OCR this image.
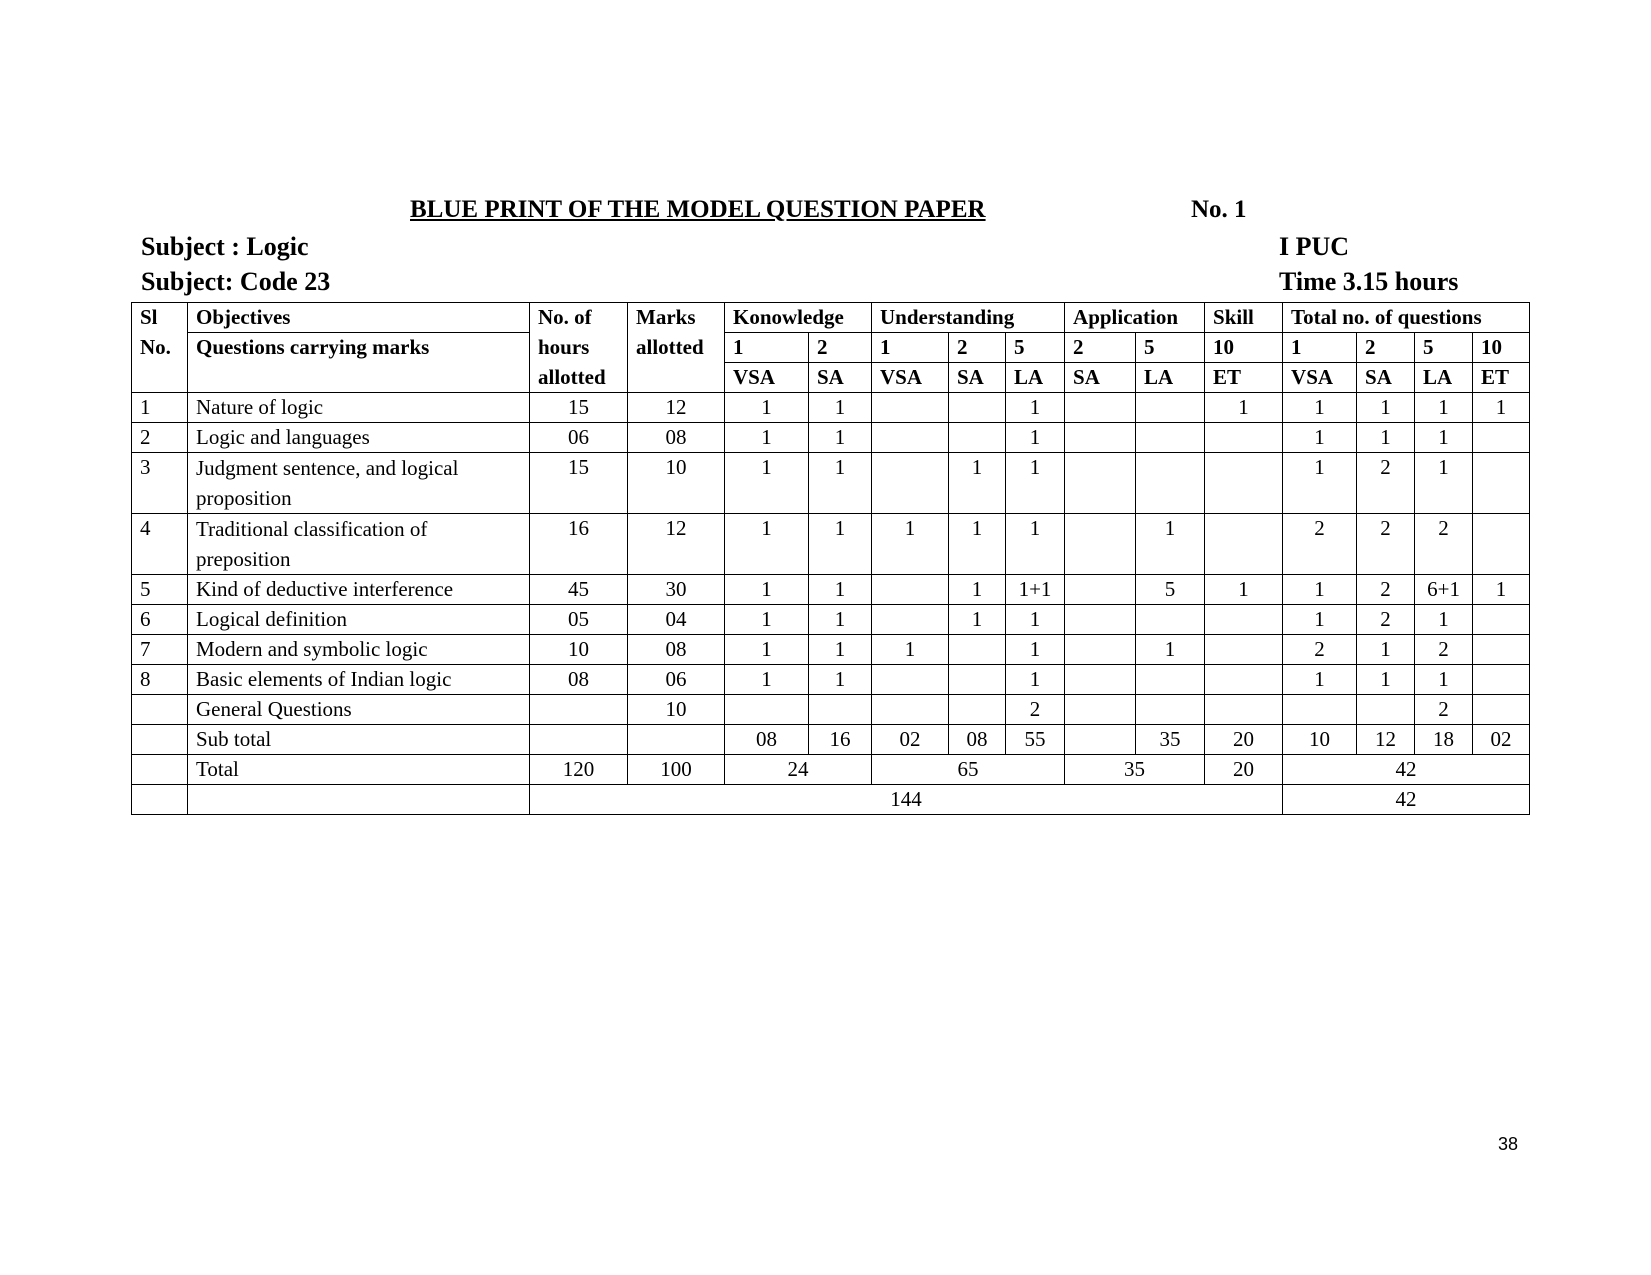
BLUE PRINT OF THE MODEL QUESTION PAPER	No. 1
Subject : Logic
Subject: Code 23
I PUC
Time 3.15 hours
Sl	Objectives	No. of	Marks	Konowledge		Understanding			Application		Skill	Total no. of questions			
No.	Questions carrying marks	hours	allotted	1	2	1	2	5	2	5	10	1	2	5	10
		allotted		VSA	SA	VSA	SA	LA	SA	LA	ET	VSA	SA	LA	ET
1	Nature of logic	15	12	1	1			1			1	1	1	1	1
2	Logic and languages	06	08	1	1			1				1	1	1	
3	Judgment sentence, and logical proposition	15	10	1	1		1	1				1	2	1	
4	Traditional classification of preposition	16	12	1	1	1	1	1		1		2	2	2	
5	Kind of deductive interference	45	30	1	1		1	1+1		5	1	1	2	6+1	1
6	Logical definition	05	04	1	1		1	1				1	2	1	
7	Modern and symbolic logic	10	08	1	1	1		1		1		2	1	2	
8	Basic elements of Indian logic	08	06	1	1			1				1	1	1	
	General Questions		10					2						2	
	Sub total			08	16	02	08	55		35	20	10	12	18	02
	Total	120	100	24		65			35		20	42			
		144										42			
38
